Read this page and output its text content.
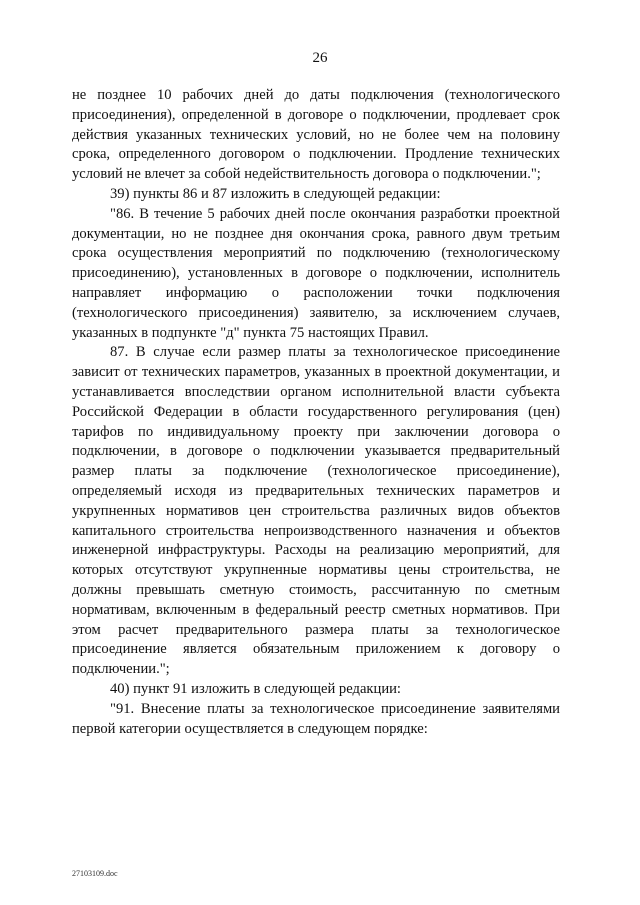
26

не позднее 10 рабочих дней до даты подключения (технологического присоединения), определенной в договоре о подключении, продлевает срок действия указанных технических условий, но не более чем на половину срока, определенного договором о подключении. Продление технических условий не влечет за собой недействительность договора о подключении.";

39) пункты 86 и 87 изложить в следующей редакции:

"86. В течение 5 рабочих дней после окончания разработки проектной документации, но не позднее дня окончания срока, равного двум третьим срока осуществления мероприятий по подключению (технологическому присоединению), установленных в договоре о подключении, исполнитель направляет информацию о расположении точки подключения (технологического присоединения) заявителю, за исключением случаев, указанных в подпункте "д" пункта 75 настоящих Правил.

87. В случае если размер платы за технологическое присоединение зависит от технических параметров, указанных в проектной документации, и устанавливается впоследствии органом исполнительной власти субъекта Российской Федерации в области государственного регулирования (цен) тарифов по индивидуальному проекту при заключении договора о подключении, в договоре о подключении указывается предварительный размер платы за подключение (технологическое присоединение), определяемый исходя из предварительных технических параметров и укрупненных нормативов цен строительства различных видов объектов капитального строительства непроизводственного назначения и объектов инженерной инфраструктуры. Расходы на реализацию мероприятий, для которых отсутствуют укрупненные нормативы цены строительства, не должны превышать сметную стоимость, рассчитанную по сметным нормативам, включенным в федеральный реестр сметных нормативов. При этом расчет предварительного размера платы за технологическое присоединение является обязательным приложением к договору о подключении.";

40) пункт 91 изложить в следующей редакции:

"91. Внесение платы за технологическое присоединение заявителями первой категории осуществляется в следующем порядке:

27103109.doc
